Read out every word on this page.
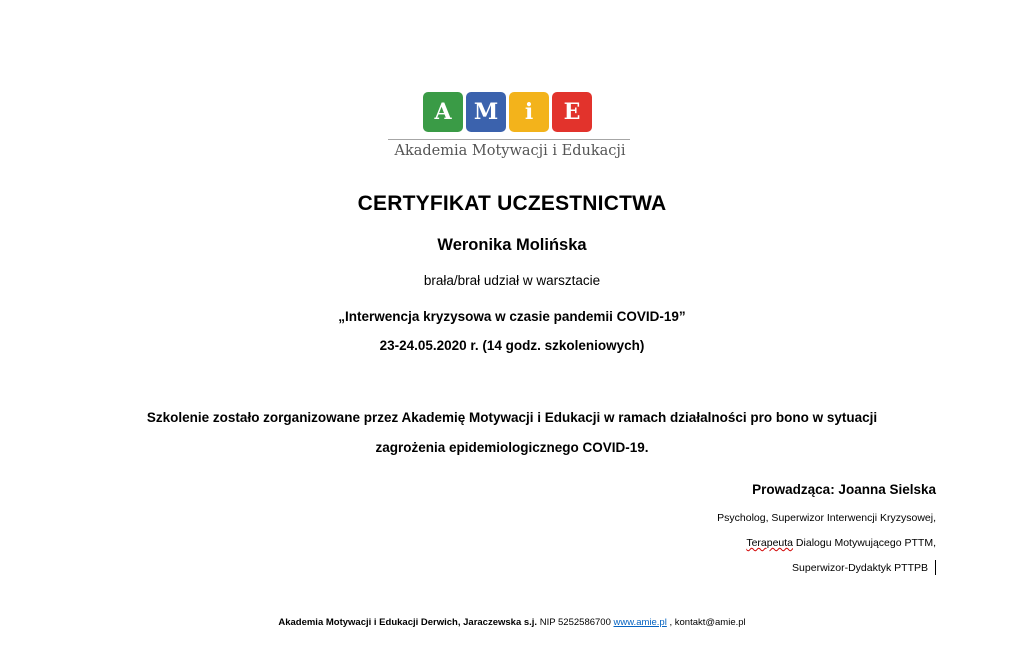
A	M	i	E
Akademia Motywacji i Edukacji
CERTYFIKAT UCZESTNICTWA
Weronika Molińska
brała/brał udział w warsztacie
„Interwencja kryzysowa w czasie pandemii COVID-19”
23-24.05.2020 r. (14 godz. szkoleniowych)
Szkolenie zostało zorganizowane przez Akademię Motywacji i Edukacji w ramach działalności pro bono w sytuacji
zagrożenia epidemiologicznego COVID-19.
Prowadząca: Joanna Sielska
Psycholog, Superwizor Interwencji Kryzysowej,
Terapeuta Dialogu Motywującego PTTM,
Superwizor-Dydaktyk PTTPB
Akademia Motywacji i Edukacji Derwich, Jaraczewska s.j. NIP 5252586700 www.amie.pl , kontakt@amie.pl
